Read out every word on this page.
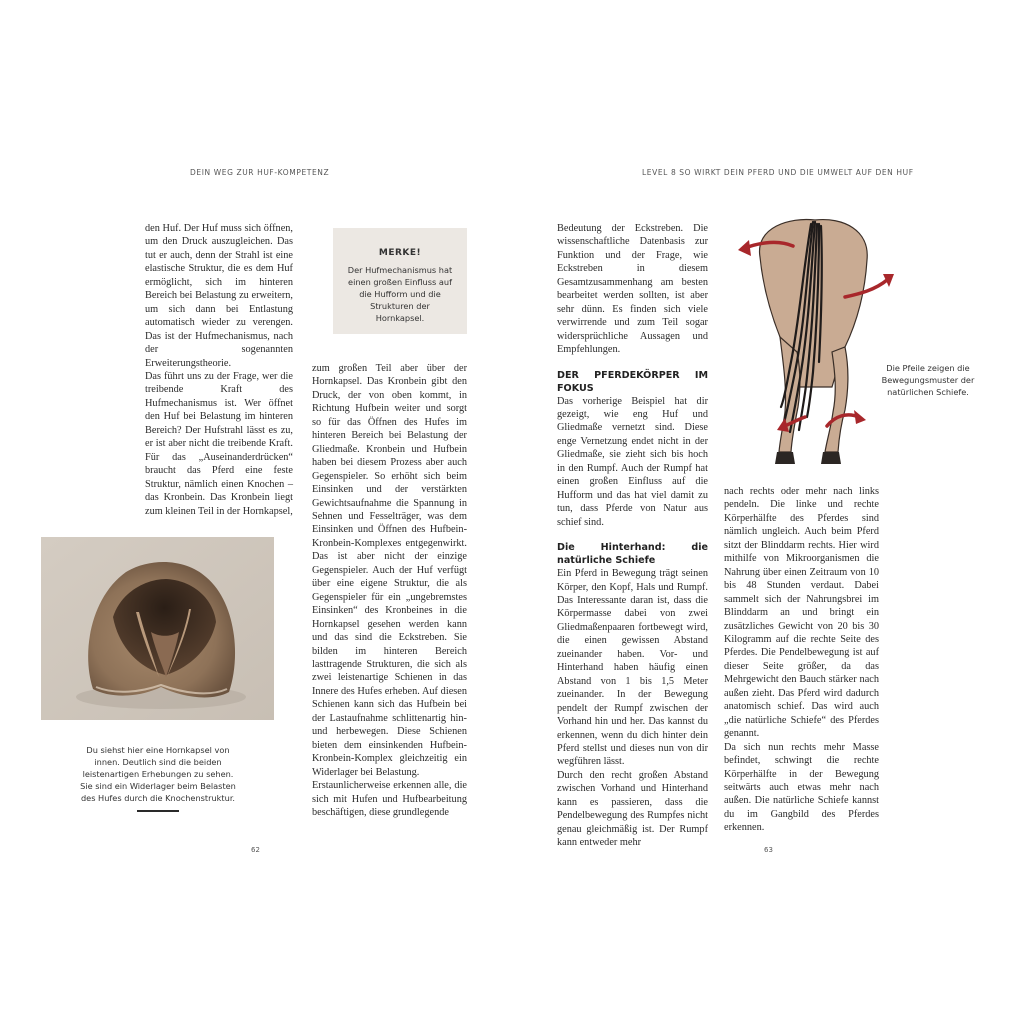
DEIN WEG ZUR HUF-KOMPETENZ

den Huf. Der Huf muss sich öffnen, um den Druck auszugleichen. Das tut er auch, denn der Strahl ist eine elastische Struktur, die es dem Huf ermöglicht, sich im hinteren Bereich bei Belastung zu erweitern, um sich dann bei Entlastung automatisch wieder zu verengen. Das ist der Hufmechanismus, nach der sogenannten Erweiterungstheorie.

Das führt uns zu der Frage, wer die treibende Kraft des Hufmechanismus ist. Wer öffnet den Huf bei Belastung im hinteren Bereich? Der Hufstrahl lässt es zu, er ist aber nicht die treibende Kraft. Für das „Auseinanderdrücken“ braucht das Pferd eine feste Struktur, nämlich einen Knochen – das Kronbein. Das Kronbein liegt zum kleinen Teil in der Hornkapsel,

MERKE!
Der Hufmechanismus hat einen großen Einfluss auf die Hufform und die Strukturen der Hornkapsel.
Du siehst hier eine Hornkapsel von innen. Deutlich sind die beiden leistenartigen Erhebungen zu sehen. Sie sind ein Widerlager beim Belasten des Hufes durch die Knochenstruktur.

zum großen Teil aber über der Hornkapsel. Das Kronbein gibt den Druck, der von oben kommt, in Richtung Hufbein weiter und sorgt so für das Öffnen des Hufes im hinteren Bereich bei Belastung der Gliedmaße. Kronbein und Hufbein haben bei diesem Prozess aber auch Gegenspieler. So erhöht sich beim Einsinken und der verstärkten Gewichtsaufnahme die Spannung in Sehnen und Fesselträger, was dem Einsinken und Öffnen des Hufbein-Kronbein-Komplexes entgegenwirkt. Das ist aber nicht der einzige Gegenspieler. Auch der Huf verfügt über eine eigene Struktur, die als Gegenspieler für ein „ungebremstes Einsinken“ des Kronbeines in die Hornkapsel gesehen werden kann und das sind die Eckstreben. Sie bilden im hinteren Bereich lasttragende Strukturen, die sich als zwei leistenartige Schienen in das Innere des Hufes erheben. Auf diesen Schienen kann sich das Hufbein bei der Lastaufnahme schlittenartig hin- und herbewegen. Diese Schienen bieten dem einsinkenden Hufbein-Kronbein-Komplex gleichzeitig ein Widerlager bei Belastung.

Erstaunlicherweise erkennen alle, die sich mit Hufen und Hufbearbeitung beschäftigen, diese grundlegende

62
LEVEL 8 SO WIRKT DEIN PFERD UND DIE UMWELT AUF DEN HUF

Bedeutung der Eckstreben. Die wissenschaftliche Datenbasis zur Funktion und der Frage, wie Eckstreben in diesem Gesamtzusammenhang am besten bearbeitet werden sollten, ist aber sehr dünn. Es finden sich viele verwirrende und zum Teil sogar widersprüchliche Aussagen und Empfehlungen.

DER PFERDEKÖRPER IM FOKUS

Das vorherige Beispiel hat dir gezeigt, wie eng Huf und Gliedmaße vernetzt sind. Diese enge Vernetzung endet nicht in der Gliedmaße, sie zieht sich bis hoch in den Rumpf. Auch der Rumpf hat einen großen Einfluss auf die Hufform und das hat viel damit zu tun, dass Pferde von Natur aus schief sind.

Die Hinterhand: die natürliche Schiefe

Ein Pferd in Bewegung trägt seinen Körper, den Kopf, Hals und Rumpf. Das Interessante daran ist, dass die Körpermasse dabei von zwei Gliedmaßenpaaren fortbewegt wird, die einen gewissen Abstand zueinander haben. Vor- und Hinterhand haben häufig einen Abstand von 1 bis 1,5 Meter zueinander. In der Bewegung pendelt der Rumpf zwischen der Vorhand hin und her. Das kannst du erkennen, wenn du dich hinter dein Pferd stellst und dieses nun von dir wegführen lässt.

Durch den recht großen Abstand zwischen Vorhand und Hinterhand kann es passieren, dass die Pendelbewegung des Rumpfes nicht genau gleichmäßig ist. Der Rumpf kann entweder mehr

Die Pfeile zeigen die Bewegungsmuster der natürlichen Schiefe.

nach rechts oder mehr nach links pendeln. Die linke und rechte Körperhälfte des Pferdes sind nämlich ungleich. Auch beim Pferd sitzt der Blinddarm rechts. Hier wird mithilfe von Mikroorganismen die Nahrung über einen Zeitraum von 10 bis 48 Stunden verdaut. Dabei sammelt sich der Nahrungsbrei im Blinddarm an und bringt ein zusätzliches Gewicht von 20 bis 30 Kilogramm auf die rechte Seite des Pferdes. Die Pendelbewegung ist auf dieser Seite größer, da das Mehrgewicht den Bauch stärker nach außen zieht. Das Pferd wird dadurch anatomisch schief. Das wird auch „die natürliche Schiefe“ des Pferdes genannt.

Da sich nun rechts mehr Masse befindet, schwingt die rechte Körperhälfte in der Bewegung seitwärts auch etwas mehr nach außen. Die natürliche Schiefe kannst du im Gangbild des Pferdes erkennen.

63
